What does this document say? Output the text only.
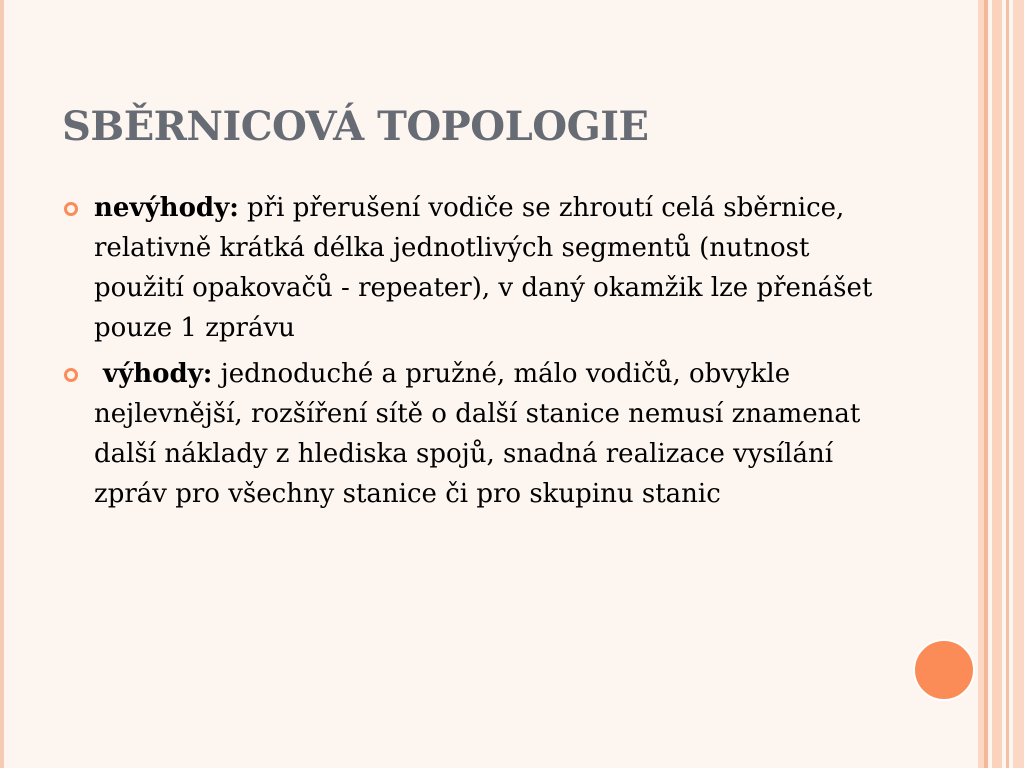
SBĚRNICOVÁ TOPOLOGIE
nevýhody: při přerušení vodiče se zhroutí celá sběrnice, relativně krátká délka jednotlivých segmentů (nutnost použití opakovačů - repeater), v daný okamžik lze přenášet pouze 1 zprávu
výhody: jednoduché a pružné, málo vodičů, obvykle nejlevnější, rozšíření sítě o další stanice nemusí znamenat další náklady z hlediska spojů, snadná realizace vysílání zpráv pro všechny stanice či pro skupinu stanic
